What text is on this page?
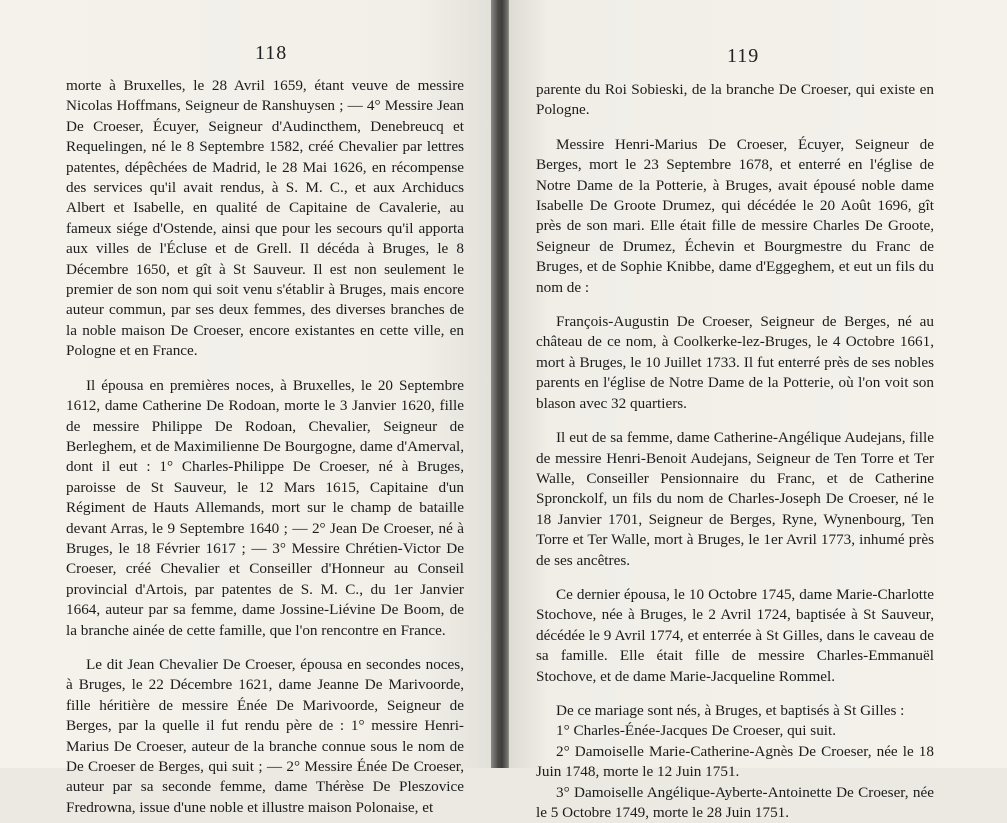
118

morte à Bruxelles, le 28 Avril 1659, étant veuve de messire Nicolas Hoffmans, Seigneur de Ranshuysen ; — 4° Messire Jean De Croeser, Écuyer, Seigneur d'Audincthem, Denebreucq et Requelingen, né le 8 Septembre 1582, créé Chevalier par lettres patentes, dépêchées de Madrid, le 28 Mai 1626, en récompense des services qu'il avait rendus, à S. M. C., et aux Archiducs Albert et Isabelle, en qualité de Capitaine de Cavalerie, au fameux siége d'Ostende, ainsi que pour les secours qu'il apporta aux villes de l'Écluse et de Grell. Il décéda à Bruges, le 8 Décembre 1650, et gît à St Sauveur. Il est non seulement le premier de son nom qui soit venu s'établir à Bruges, mais encore auteur commun, par ses deux femmes, des diverses branches de la noble maison De Croeser, encore existantes en cette ville, en Pologne et en France.

Il épousa en premières noces, à Bruxelles, le 20 Septembre 1612, dame Catherine De Rodoan, morte le 3 Janvier 1620, fille de messire Philippe De Rodoan, Chevalier, Seigneur de Berleghem, et de Maximilienne De Bourgogne, dame d'Amerval, dont il eut : 1° Charles-Philippe De Croeser, né à Bruges, paroisse de St Sauveur, le 12 Mars 1615, Capitaine d'un Régiment de Hauts Allemands, mort sur le champ de bataille devant Arras, le 9 Septembre 1640 ; — 2° Jean De Croeser, né à Bruges, le 18 Février 1617 ; — 3° Messire Chrétien-Victor De Croeser, créé Chevalier et Conseiller d'Honneur au Conseil provincial d'Artois, par patentes de S. M. C., du 1er Janvier 1664, auteur par sa femme, dame Jossine-Liévine De Boom, de la branche ainée de cette famille, que l'on rencontre en France.

Le dit Jean Chevalier De Croeser, épousa en secondes noces, à Bruges, le 22 Décembre 1621, dame Jeanne De Marivoorde, fille héritière de messire Énée De Marivoorde, Seigneur de Berges, par la quelle il fut rendu père de : 1° messire Henri-Marius De Croeser, auteur de la branche connue sous le nom de De Croeser de Berges, qui suit ; — 2° Messire Énée De Croeser, auteur par sa seconde femme, dame Thérèse De Pleszovice Fredrowna, issue d'une noble et illustre maison Polonaise, et

119

parente du Roi Sobieski, de la branche De Croeser, qui existe en Pologne.

Messire Henri-Marius De Croeser, Écuyer, Seigneur de Berges, mort le 23 Septembre 1678, et enterré en l'église de Notre Dame de la Potterie, à Bruges, avait épousé noble dame Isabelle De Groote Drumez, qui décédée le 20 Août 1696, gît près de son mari. Elle était fille de messire Charles De Groote, Seigneur de Drumez, Échevin et Bourgmestre du Franc de Bruges, et de Sophie Knibbe, dame d'Eggeghem, et eut un fils du nom de :

François-Augustin De Croeser, Seigneur de Berges, né au château de ce nom, à Coolkerke-lez-Bruges, le 4 Octobre 1661, mort à Bruges, le 10 Juillet 1733. Il fut enterré près de ses nobles parents en l'église de Notre Dame de la Potterie, où l'on voit son blason avec 32 quartiers.

Il eut de sa femme, dame Catherine-Angélique Audejans, fille de messire Henri-Benoit Audejans, Seigneur de Ten Torre et Ter Walle, Conseiller Pensionnaire du Franc, et de Catherine Spronckolf, un fils du nom de Charles-Joseph De Croeser, né le 18 Janvier 1701, Seigneur de Berges, Ryne, Wynenbourg, Ten Torre et Ter Walle, mort à Bruges, le 1er Avril 1773, inhumé près de ses ancêtres.

Ce dernier épousa, le 10 Octobre 1745, dame Marie-Charlotte Stochove, née à Bruges, le 2 Avril 1724, baptisée à St Sauveur, décédée le 9 Avril 1774, et enterrée à St Gilles, dans le caveau de sa famille. Elle était fille de messire Charles-Emmanuël Stochove, et de dame Marie-Jacqueline Rommel.

De ce mariage sont nés, à Bruges, et baptisés à St Gilles :

1° Charles-Énée-Jacques De Croeser, qui suit.

2° Damoiselle Marie-Catherine-Agnès De Croeser, née le 18 Juin 1748, morte le 12 Juin 1751.

3° Damoiselle Angélique-Ayberte-Antoinette De Croeser, née le 5 Octobre 1749, morte le 28 Juin 1751.
